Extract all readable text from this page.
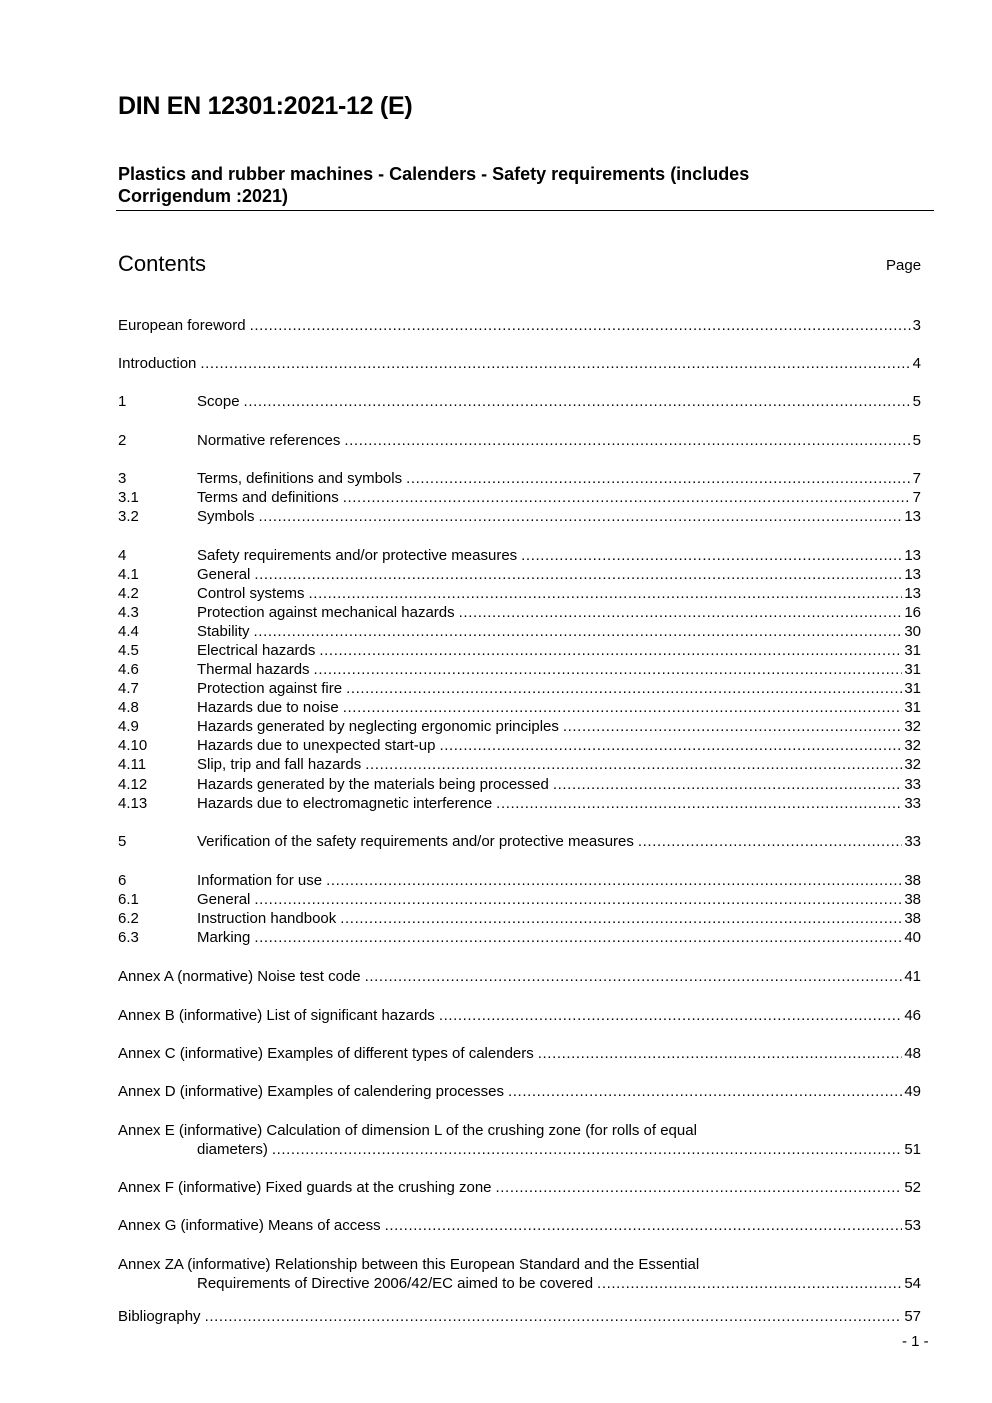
DIN EN 12301:2021-12 (E)
Plastics and rubber machines - Calenders - Safety requirements (includes
Corrigendum :2021)
Contents	Page
European foreword .....	3
Introduction .....	4
1	Scope .....	5
2	Normative references .....	5
3	Terms, definitions and symbols .....	7
3.1	Terms and definitions .....	7
3.2	Symbols .....	13
4	Safety requirements and/or protective measures .....	13
4.1	General .....	13
4.2	Control systems .....	13
4.3	Protection against mechanical hazards .....	16
4.4	Stability .....	30
4.5	Electrical hazards .....	31
4.6	Thermal hazards .....	31
4.7	Protection against fire .....	31
4.8	Hazards due to noise .....	31
4.9	Hazards generated by neglecting ergonomic principles .....	32
4.10	Hazards due to unexpected start-up .....	32
4.11	Slip, trip and fall hazards .....	32
4.12	Hazards generated by the materials being processed .....	33
4.13	Hazards due to electromagnetic interference .....	33
5	Verification of the safety requirements and/or protective measures .....	33
6	Information for use .....	38
6.1	General .....	38
6.2	Instruction handbook .....	38
6.3	Marking .....	40
Annex A (normative) Noise test code .....	41
Annex B (informative) List of significant hazards .....	46
Annex C (informative) Examples of different types of calenders .....	48
Annex D (informative) Examples of calendering processes .....	49
Annex E (informative) Calculation of dimension L of the crushing zone (for rolls of equal
diameters) .....	51
Annex F (informative) Fixed guards at the crushing zone .....	52
Annex G (informative) Means of access .....	53
Annex ZA (informative) Relationship between this European Standard and the Essential
Requirements of Directive 2006/42/EC aimed to be covered .....	54
Bibliography .....	57
- 1 -
